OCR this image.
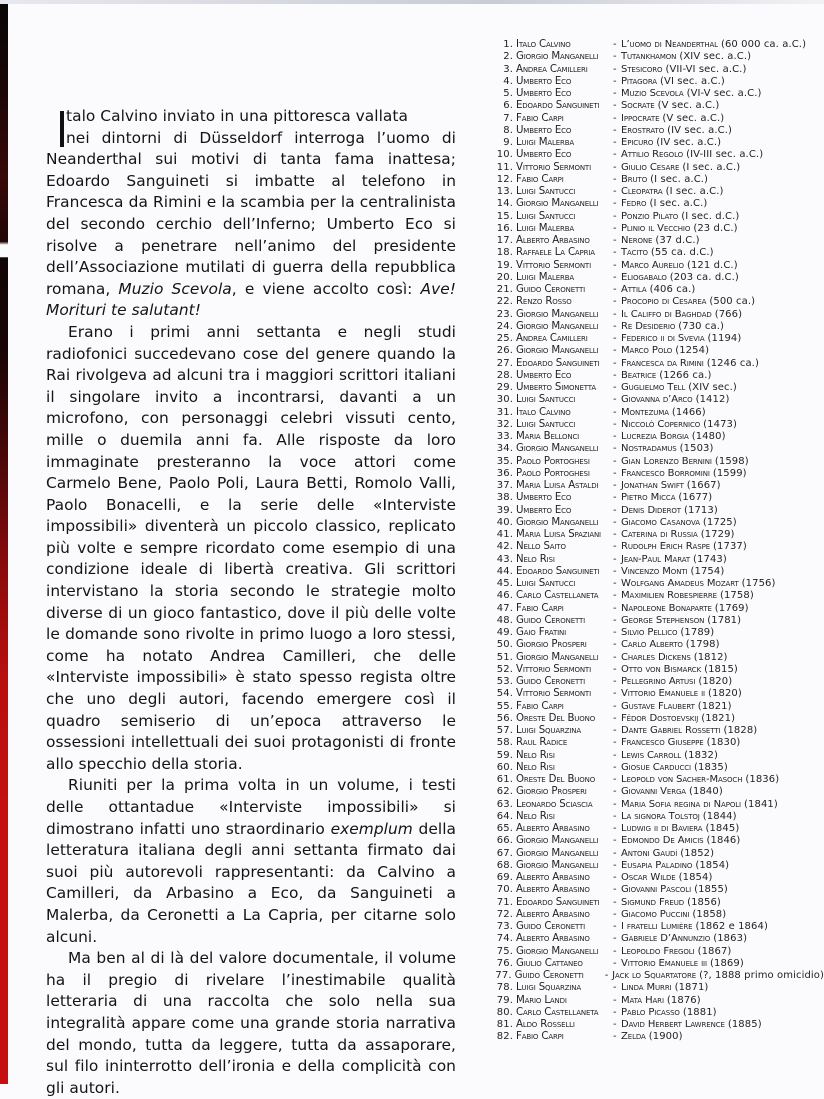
talo Calvino inviato in una pittoresca vallata
nei dintorni di Düsseldorf interroga l’uomo di Neanderthal sui motivi di tanta fama inattesa; Edoardo Sanguineti si imbatte al telefono in Francesca da Rimini e la scambia per la centralinista del secondo cerchio dell’Inferno; Umberto Eco si risolve a penetrare nell’animo del presidente dell’Associazione mutilati di guerra della repubblica romana, Muzio Scevola, e viene accolto così: Ave! Morituri te salutant!

Erano i primi anni settanta e negli studi radiofonici succedevano cose del genere quando la Rai rivolgeva ad alcuni tra i maggiori scrittori italiani il singolare invito a incontrarsi, davanti a un microfono, con personaggi celebri vissuti cento, mille o duemila anni fa. Alle risposte da loro immaginate presteranno la voce attori come Carmelo Bene, Paolo Poli, Laura Betti, Romolo Valli, Paolo Bonacelli, e la serie delle «Interviste impossibili» diventerà un piccolo classico, replicato più volte e sempre ricordato come esempio di una condizione ideale di libertà creativa. Gli scrittori intervistano la storia secondo le strategie molto diverse di un gioco fantastico, dove il più delle volte le domande sono rivolte in primo luogo a loro stessi, come ha notato Andrea Camilleri, che delle «Interviste impossibili» è stato spesso regista oltre che uno degli autori, facendo emergere così il quadro semiserio di un’epoca attraverso le ossessioni intellettuali dei suoi protagonisti di fronte allo specchio della storia.

Riuniti per la prima volta in un volume, i testi delle ottantadue «Interviste impossibili» si dimostrano infatti uno straordinario exemplum della letteratura italiana degli anni settanta firmato dai suoi più autorevoli rappresentanti: da Calvino a Camilleri, da Arbasino a Eco, da Sanguineti a Malerba, da Ceronetti a La Capria, per citarne solo alcuni.

Ma ben al di là del valore documentale, il volume ha il pregio di rivelare l’inestimabile qualità letteraria di una raccolta che solo nella sua integralità appare come una grande storia narrativa del mondo, tutta da leggere, tutta da assaporare, sul filo ininterrotto dell’ironia e della complicità con gli autori.

1. Italo Calvino	- L’uomo di Neanderthal (60 000 ca. a.C.)
2. Giorgio Manganelli	- Tutankhamon (XIV sec. a.C.)
3. Andrea Camilleri	- Stesicoro (VII-VI sec. a.C.)
4. Umberto Eco	- Pitagora (VI sec. a.C.)
5. Umberto Eco	- Muzio Scevola (VI-V sec. a.C.)
6. Edoardo Sanguineti	- Socrate (V sec. a.C.)
7. Fabio Carpi	- Ippocrate (V sec. a.C.)
8. Umberto Eco	- Erostrato (IV sec. a.C.)
9. Luigi Malerba	- Epicuro (IV sec. a.C.)
10. Umberto Eco	- Attilio Regolo (IV-III sec. a.C.)
11. Vittorio Sermonti	- Giulio Cesare (I sec. a.C.)
12. Fabio Carpi	- Bruto (I sec. a.C.)
13. Luigi Santucci	- Cleopatra (I sec. a.C.)
14. Giorgio Manganelli	- Fedro (I sec. a.C.)
15. Luigi Santucci	- Ponzio Pilato (I sec. d.C.)
16. Luigi Malerba	- Plinio il Vecchio (23 d.C.)
17. Alberto Arbasino	- Nerone (37 d.C.)
18. Raffaele La Capria	- Tacito (55 ca. d.C.)
19. Vittorio Sermonti	- Marco Aurelio (121 d.C.)
20. Luigi Malerba	- Eliogabalo (203 ca. d.C.)
21. Guido Ceronetti	- Attila (406 ca.)
22. Renzo Rosso	- Procopio di Cesarea (500 ca.)
23. Giorgio Manganelli	- Il Califfo di Baghdad (766)
24. Giorgio Manganelli	- Re Desiderio (730 ca.)
25. Andrea Camilleri	- Federico ii di Svevia (1194)
26. Giorgio Manganelli	- Marco Polo (1254)
27. Edoardo Sanguineti	- Francesca da Rimini (1246 ca.)
28. Umberto Eco	- Beatrice (1266 ca.)
29. Umberto Simonetta	- Guglielmo Tell (XIV sec.)
30. Luigi Santucci	- Giovanna d’Arco (1412)
31. Italo Calvino	- Montezuma (1466)
32. Luigi Santucci	- Niccolò Copernico (1473)
33. Maria Bellonci	- Lucrezia Borgia (1480)
34. Giorgio Manganelli	- Nostradamus (1503)
35. Paolo Portoghesi	- Gian Lorenzo Bernini (1598)
36. Paolo Portoghesi	- Francesco Borromini (1599)
37. Maria Luisa Astaldi	- Jonathan Swift (1667)
38. Umberto Eco	- Pietro Micca (1677)
39. Umberto Eco	- Denis Diderot (1713)
40. Giorgio Manganelli	- Giacomo Casanova (1725)
41. Maria Luisa Spaziani	- Caterina di Russia (1729)
42. Nello Saito	- Rudolph Erich Raspe (1737)
43. Nelo Risi	- Jean-Paul Marat (1743)
44. Edoardo Sanguineti	- Vincenzo Monti (1754)
45. Luigi Santucci	- Wolfgang Amadeus Mozart (1756)
46. Carlo Castellaneta	- Maximilien Robespierre (1758)
47. Fabio Carpi	- Napoleone Bonaparte (1769)
48. Guido Ceronetti	- George Stephenson (1781)
49. Gaio Fratini	- Silvio Pellico (1789)
50. Giorgio Prosperi	- Carlo Alberto (1798)
51. Giorgio Manganelli	- Charles Dickens (1812)
52. Vittorio Sermonti	- Otto von Bismarck (1815)
53. Guido Ceronetti	- Pellegrino Artusi (1820)
54. Vittorio Sermonti	- Vittorio Emanuele ii (1820)
55. Fabio Carpi	- Gustave Flaubert (1821)
56. Oreste Del Buono	- Fëdor Dostoevskij (1821)
57. Luigi Squarzina	- Dante Gabriel Rossetti (1828)
58. Raul Radice	- Francesco Giuseppe (1830)
59. Nelo Risi	- Lewis Carroll (1832)
60. Nelo Risi	- Giosue Carducci (1835)
61. Oreste Del Buono	- Leopold von Sacher-Masoch (1836)
62. Giorgio Prosperi	- Giovanni Verga (1840)
63. Leonardo Sciascia	- Maria Sofia regina di Napoli (1841)
64. Nelo Risi	- La signora Tolstoj (1844)
65. Alberto Arbasino	- Ludwig ii di Baviera (1845)
66. Giorgio Manganelli	- Edmondo De Amicis (1846)
67. Giorgio Manganelli	- Antoni Gaudí (1852)
68. Giorgio Manganelli	- Eusapia Paladino (1854)
69. Alberto Arbasino	- Oscar Wilde (1854)
70. Alberto Arbasino	- Giovanni Pascoli (1855)
71. Edoardo Sanguineti	- Sigmund Freud (1856)
72. Alberto Arbasino	- Giacomo Puccini (1858)
73. Guido Ceronetti	- I fratelli Lumière (1862 e 1864)
74. Alberto Arbasino	- Gabriele D’Annunzio (1863)
75. Giorgio Manganelli	- Leopoldo Fregoli (1867)
76. Giulio Cattaneo	- Vittorio Emanuele iii (1869)
77. Guido Ceronetti	- Jack lo Squartatore (?, 1888 primo omicidio)
78. Luigi Squarzina	- Linda Murri (1871)
79. Mario Landi	- Mata Hari (1876)
80. Carlo Castellaneta	- Pablo Picasso (1881)
81. Aldo Rosselli	- David Herbert Lawrence (1885)
82. Fabio Carpi	- Zelda (1900)
